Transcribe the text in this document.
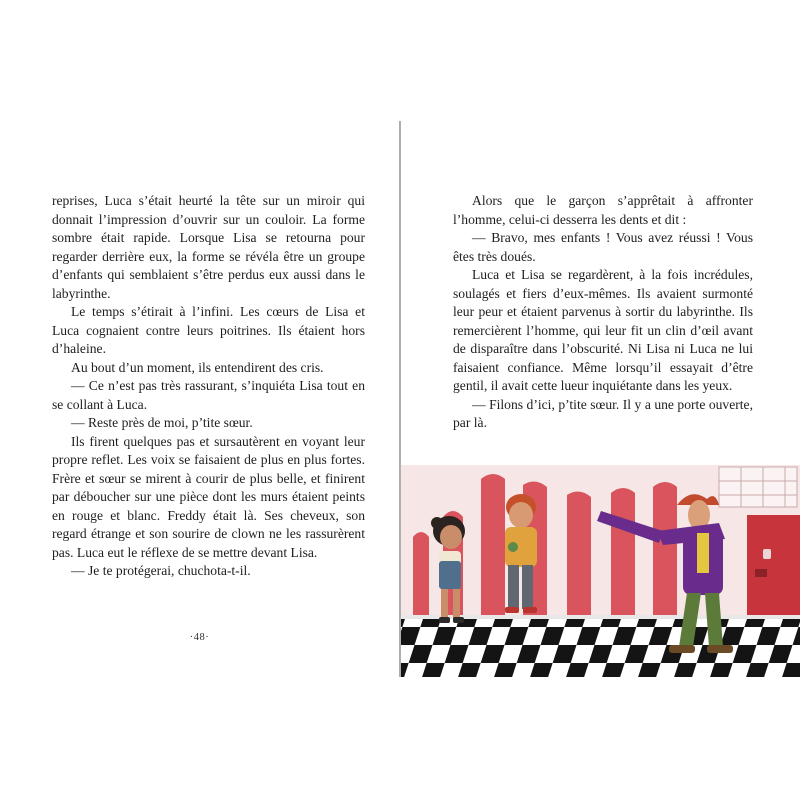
reprises, Luca s’était heurté la tête sur un miroir qui donnait l’impression d’ouvrir sur un couloir. La forme sombre était rapide. Lorsque Lisa se retourna pour regarder derrière eux, la forme se révéla être un groupe d’enfants qui semblaient s’être perdus eux aussi dans le labyrinthe.

Le temps s’étirait à l’infini. Les cœurs de Lisa et Luca cognaient contre leurs poitrines. Ils étaient hors d’haleine.

Au bout d’un moment, ils entendirent des cris.

— Ce n’est pas très rassurant, s’inquiéta Lisa tout en se collant à Luca.

— Reste près de moi, p’tite sœur.

Ils firent quelques pas et sursautèrent en voyant leur propre reflet. Les voix se faisaient de plus en plus fortes. Frère et sœur se mirent à courir de plus belle, et finirent par déboucher sur une pièce dont les murs étaient peints en rouge et blanc. Freddy était là. Ses cheveux, son regard étrange et son sourire de clown ne les rassurèrent pas. Luca eut le réflexe de se mettre devant Lisa.

— Je te protégerai, chuchota-t-il.

·48·

Alors que le garçon s’apprêtait à affronter l’homme, celui-ci desserra les dents et dit :

— Bravo, mes enfants ! Vous avez réussi ! Vous êtes très doués.

Luca et Lisa se regardèrent, à la fois incrédules, soulagés et fiers d’eux-mêmes. Ils avaient surmonté leur peur et étaient parvenus à sortir du labyrinthe. Ils remercièrent l’homme, qui leur fit un clin d’œil avant de disparaître dans l’obscurité. Ni Lisa ni Luca ne lui faisaient confiance. Même lorsqu’il essayait d’être gentil, il avait cette lueur inquiétante dans les yeux.

— Filons d’ici, p’tite sœur. Il y a une porte ouverte, par là.
